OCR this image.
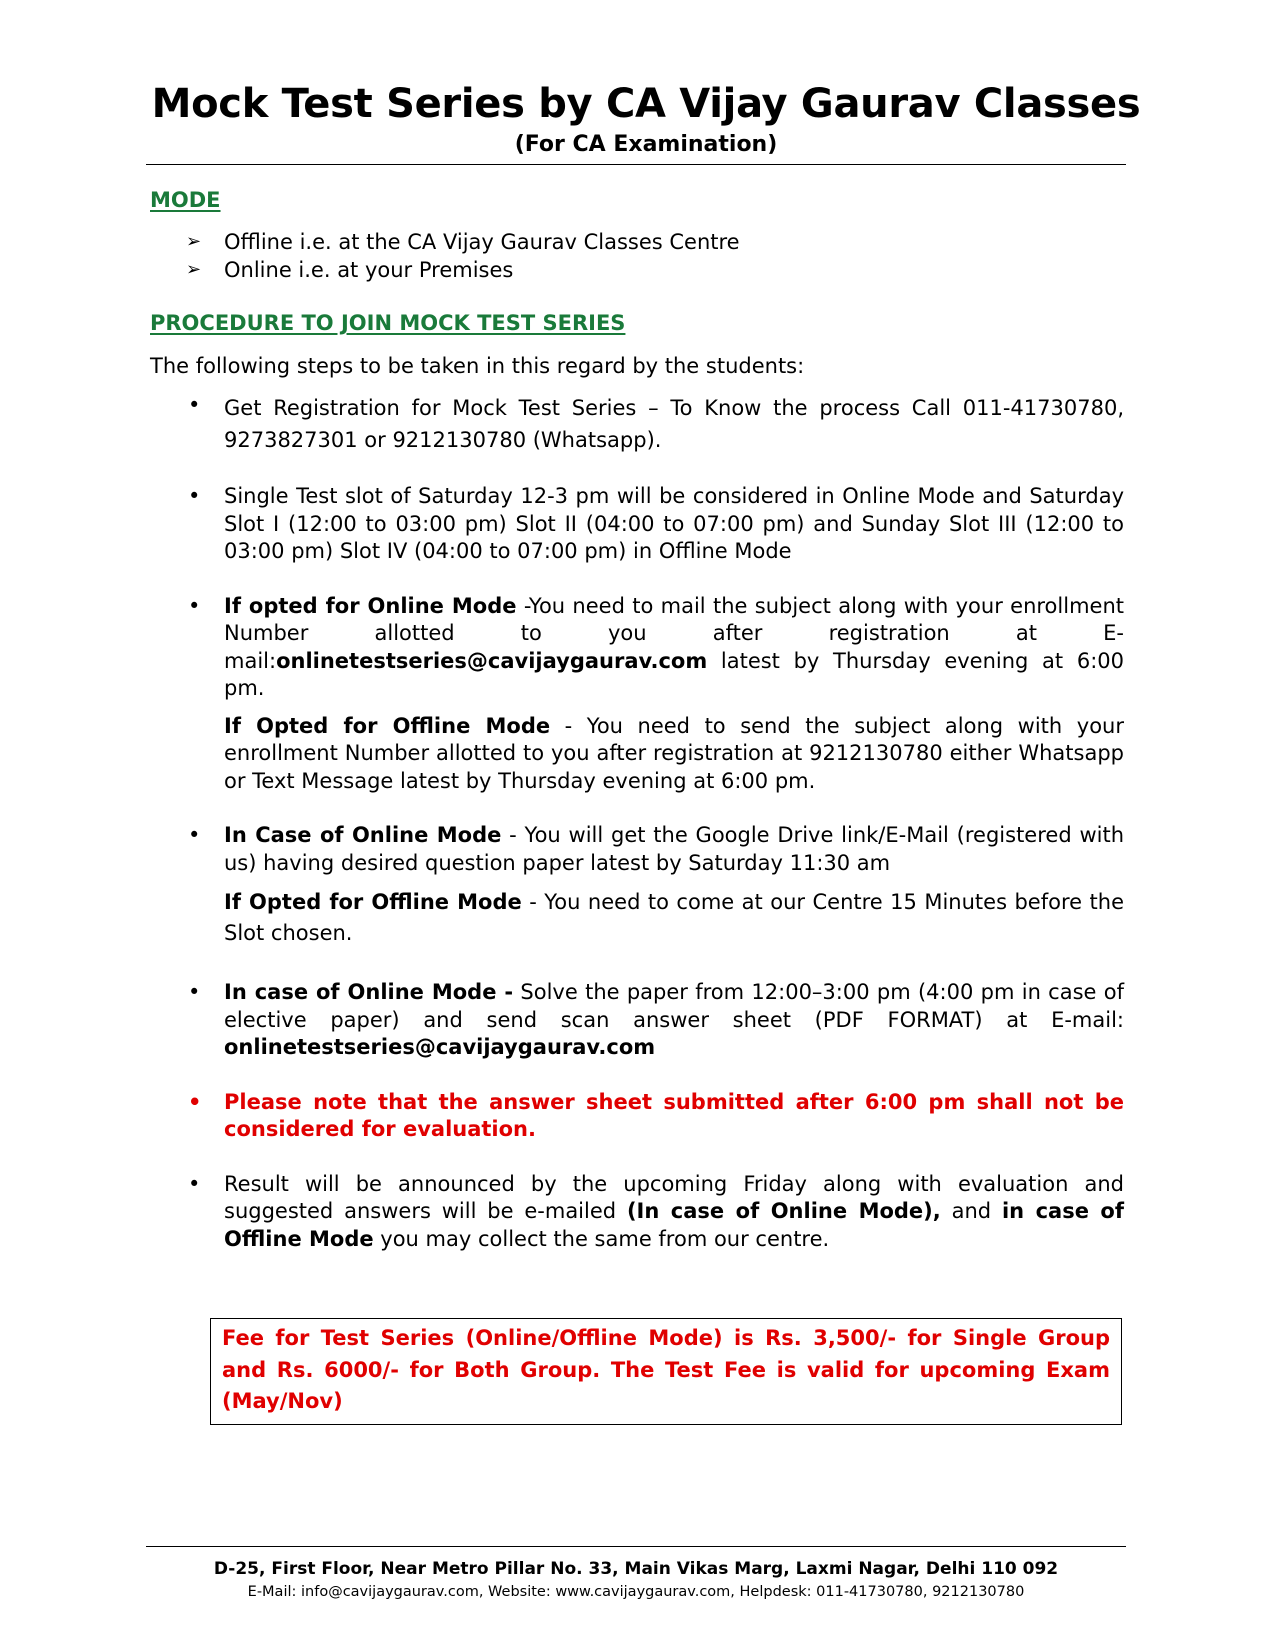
Mock Test Series by CA Vijay Gaurav Classes
(For CA Examination)
MODE
➢	Offline i.e. at the CA Vijay Gaurav Classes Centre
➢	Online i.e. at your Premises
PROCEDURE TO JOIN MOCK TEST SERIES
The following steps to be taken in this regard by the students:
• Get Registration for Mock Test Series – To Know the process Call 011-41730780, 9273827301 or 9212130780 (Whatsapp).

• Single Test slot of Saturday 12-3 pm will be considered in Online Mode and Saturday Slot I (12:00 to 03:00 pm) Slot II (04:00 to 07:00 pm) and Sunday Slot III (12:00 to 03:00 pm) Slot IV (04:00 to 07:00 pm) in Offline Mode

• If opted for Online Mode -You need to mail the subject along with your enrollment Number allotted to you after registration at E-mail:onlinetestseries@cavijaygaurav.com latest by Thursday evening at 6:00 pm.

If Opted for Offline Mode - You need to send the subject along with your enrollment Number allotted to you after registration at 9212130780 either Whatsapp or Text Message latest by Thursday evening at 6:00 pm.

• In Case of Online Mode - You will get the Google Drive link/E-Mail (registered with us) having desired question paper latest by Saturday 11:30 am

If Opted for Offline Mode - You need to come at our Centre 15 Minutes before the Slot chosen.

• In case of Online Mode - Solve the paper from 12:00–3:00 pm (4:00 pm in case of elective paper) and send scan answer sheet (PDF FORMAT) at E-mail: onlinetestseries@cavijaygaurav.com

• Please note that the answer sheet submitted after 6:00 pm shall not be considered for evaluation.

• Result will be announced by the upcoming Friday along with evaluation and suggested answers will be e-mailed (In case of Online Mode), and in case of Offline Mode you may collect the same from our centre.

Fee for Test Series (Online/Offline Mode) is Rs. 3,500/- for Single Group and Rs. 6000/- for Both Group. The Test Fee is valid for upcoming Exam (May/Nov)
D-25, First Floor, Near Metro Pillar No. 33, Main Vikas Marg, Laxmi Nagar, Delhi 110 092
E-Mail: info@cavijaygaurav.com, Website: www.cavijaygaurav.com, Helpdesk: 011-41730780, 9212130780
